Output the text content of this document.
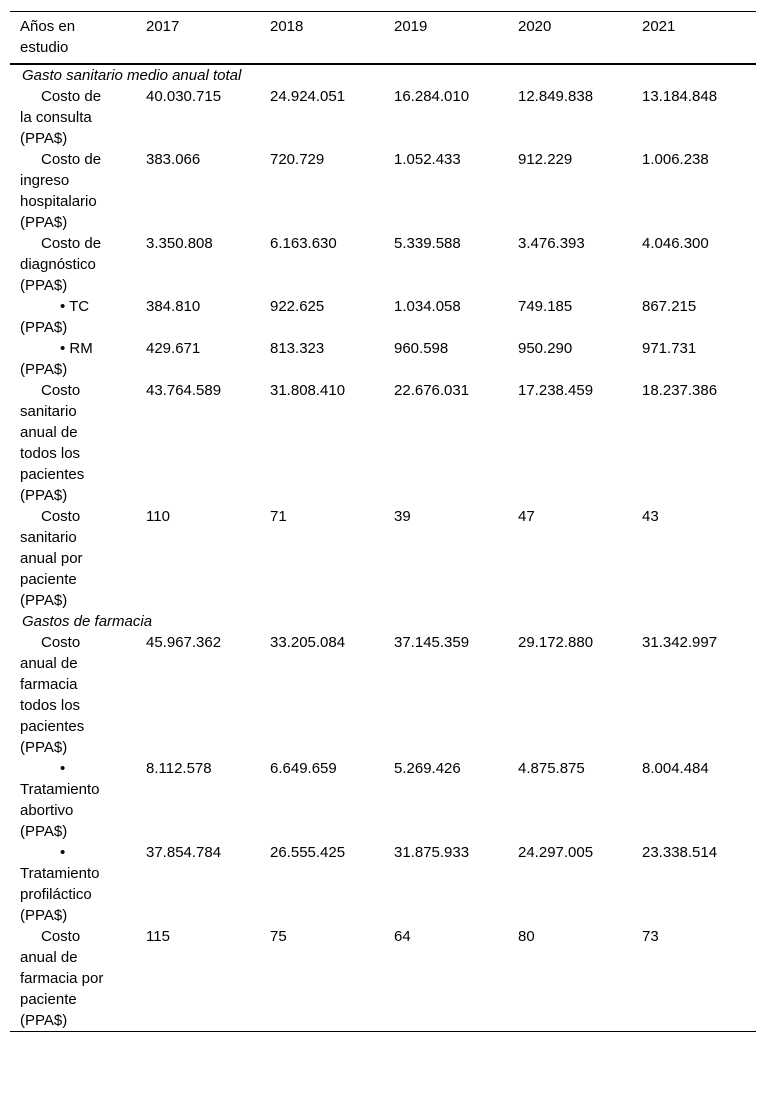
Años en estudio	2017	2018	2019	2020	2021
Gasto sanitario medio anual total					

Costo de la consulta (PPA$)	40.030.715	24.924.051	16.284.010	12.849.838	13.184.848

Costo de ingreso hospitalario (PPA$)	383.066	720.729	1.052.433	912.229	1.006.238

Costo de diagnóstico (PPA$)	3.350.808	6.163.630	5.339.588	3.476.393	4.046.300

• TC (PPA$)	384.810	922.625	1.034.058	749.185	867.215

• RM (PPA$)	429.671	813.323	960.598	950.290	971.731

Costo sanitario anual de todos los pacientes (PPA$)	43.764.589	31.808.410	22.676.031	17.238.459	18.237.386

Costo sanitario anual por paciente (PPA$)	110	71	39	47	43
Gastos de farmacia					

Costo anual de farmacia todos los pacientes (PPA$)	45.967.362	33.205.084	37.145.359	29.172.880	31.342.997

• Tratamiento abortivo (PPA$)	8.112.578	6.649.659	5.269.426	4.875.875	8.004.484

• Tratamiento profiláctico (PPA$)	37.854.784	26.555.425	31.875.933	24.297.005	23.338.514

Costo anual de farmacia por paciente (PPA$)	115	75	64	80	73
